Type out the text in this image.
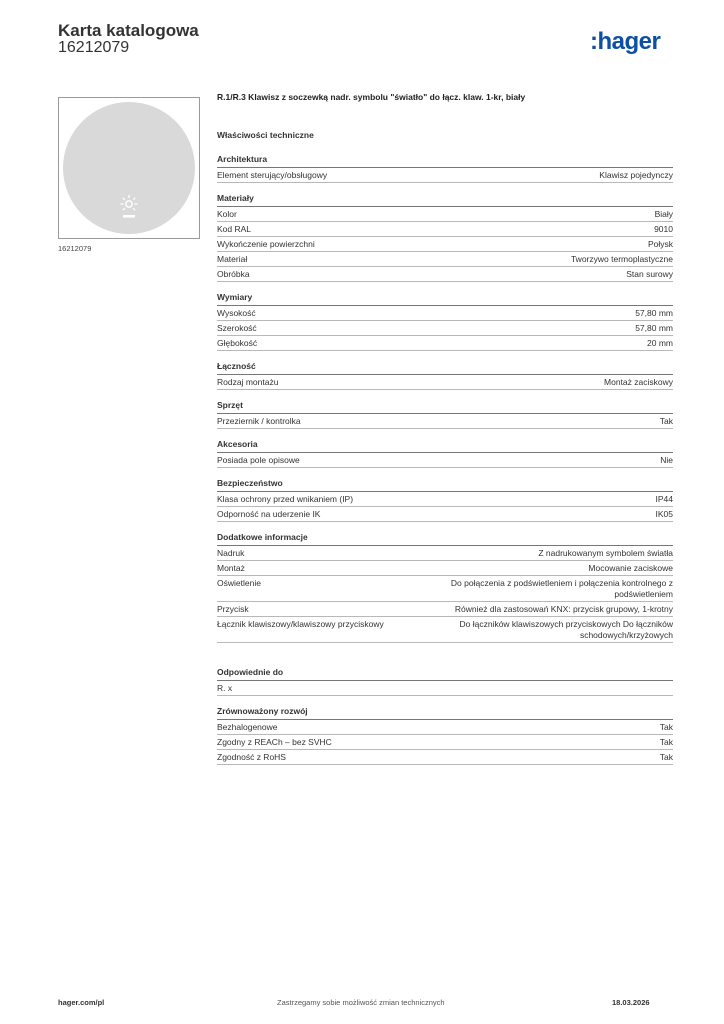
Karta katalogowa
16212079	:hager
16212079
R.1/R.3 Klawisz z soczewką nadr. symbolu "światło" do łącz. klaw. 1-kr, biały
Właściwości techniczne
Architektura
Element sterujący/obsługowy	Klawisz pojedynczy
Materiały
Kolor	Biały
Kod RAL	9010
Wykończenie powierzchni	Połysk
Materiał	Tworzywo termoplastyczne
Obróbka	Stan surowy
Wymiary
Wysokość	57,80 mm
Szerokość	57,80 mm
Głębokość	20 mm
Łączność
Rodzaj montażu	Montaż zaciskowy
Sprzęt
Przeziernik / kontrolka	Tak
Akcesoria
Posiada pole opisowe	Nie
Bezpieczeństwo
Klasa ochrony przed wnikaniem (IP)	IP44
Odporność na uderzenie IK	IK05
Dodatkowe informacje
Nadruk	Z nadrukowanym symbolem światła
Montaż	Mocowanie zaciskowe
Oświetlenie	Do połączenia z podświetleniem i połączenia kontrolnego z podświetleniem
Przycisk	Również dla zastosowań KNX: przycisk grupowy, 1-krotny
Łącznik klawiszowy/klawiszowy przyciskowy	Do łączników klawiszowych przyciskowych Do łączników schodowych/krzyżowych
Odpowiednie do
R. x
Zrównoważony rozwój
Bezhalogenowe	Tak
Zgodny z REACh – bez SVHC	Tak
Zgodność z RoHS	Tak
hager.com/pl	Zastrzegamy sobie możliwość zmian technicznych	18.03.2026
